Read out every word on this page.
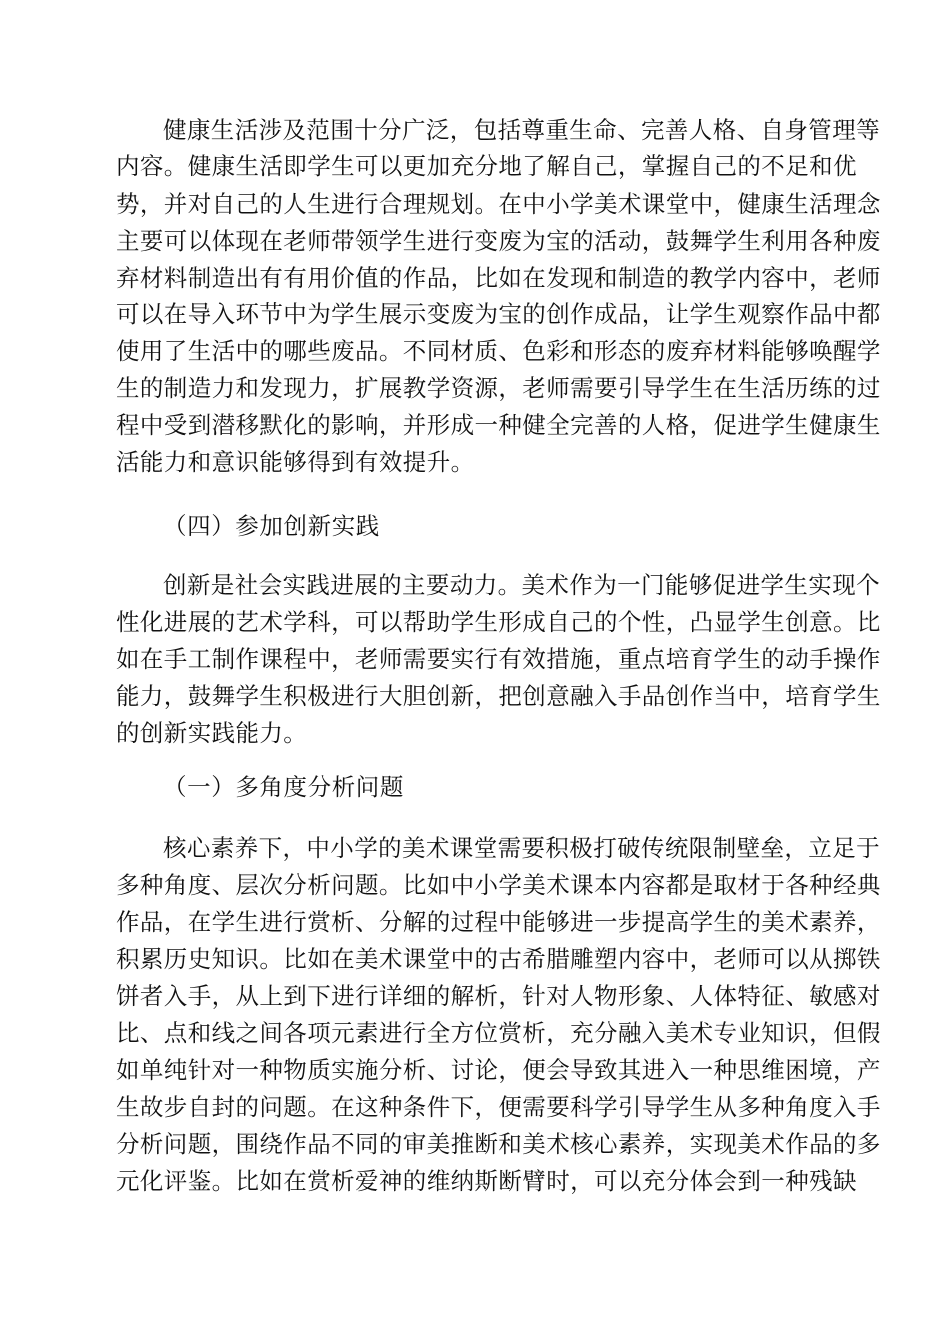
健康生活涉及范围十分广泛，包括尊重生命、完善人格、自身管理等
内容。健康生活即学生可以更加充分地了解自己，掌握自己的不足和优
势，并对自己的人生进行合理规划。在中小学美术课堂中，健康生活理念
主要可以体现在老师带领学生进行变废为宝的活动，鼓舞学生利用各种废
弃材料制造出有有用价值的作品，比如在发现和制造的教学内容中，老师
可以在导入环节中为学生展示变废为宝的创作成品，让学生观察作品中都
使用了生活中的哪些废品。不同材质、色彩和形态的废弃材料能够唤醒学
生的制造力和发现力，扩展教学资源，老师需要引导学生在生活历练的过
程中受到潜移默化的影响，并形成一种健全完善的人格，促进学生健康生
活能力和意识能够得到有效提升。
（四）参加创新实践
创新是社会实践进展的主要动力。美术作为一门能够促进学生实现个
性化进展的艺术学科，可以帮助学生形成自己的个性，凸显学生创意。比
如在手工制作课程中，老师需要实行有效措施，重点培育学生的动手操作
能力，鼓舞学生积极进行大胆创新，把创意融入手品创作当中，培育学生
的创新实践能力。
（一）多角度分析问题
核心素养下，中小学的美术课堂需要积极打破传统限制壁垒，立足于
多种角度、层次分析问题。比如中小学美术课本内容都是取材于各种经典
作品，在学生进行赏析、分解的过程中能够进一步提高学生的美术素养，
积累历史知识。比如在美术课堂中的古希腊雕塑内容中，老师可以从掷铁
饼者入手，从上到下进行详细的解析，针对人物形象、人体特征、敏感对
比、点和线之间各项元素进行全方位赏析，充分融入美术专业知识，但假
如单纯针对一种物质实施分析、讨论，便会导致其进入一种思维困境，产
生故步自封的问题。在这种条件下，便需要科学引导学生从多种角度入手
分析问题，围绕作品不同的审美推断和美术核心素养，实现美术作品的多
元化评鉴。比如在赏析爱神的维纳斯断臂时，可以充分体会到一种残缺
